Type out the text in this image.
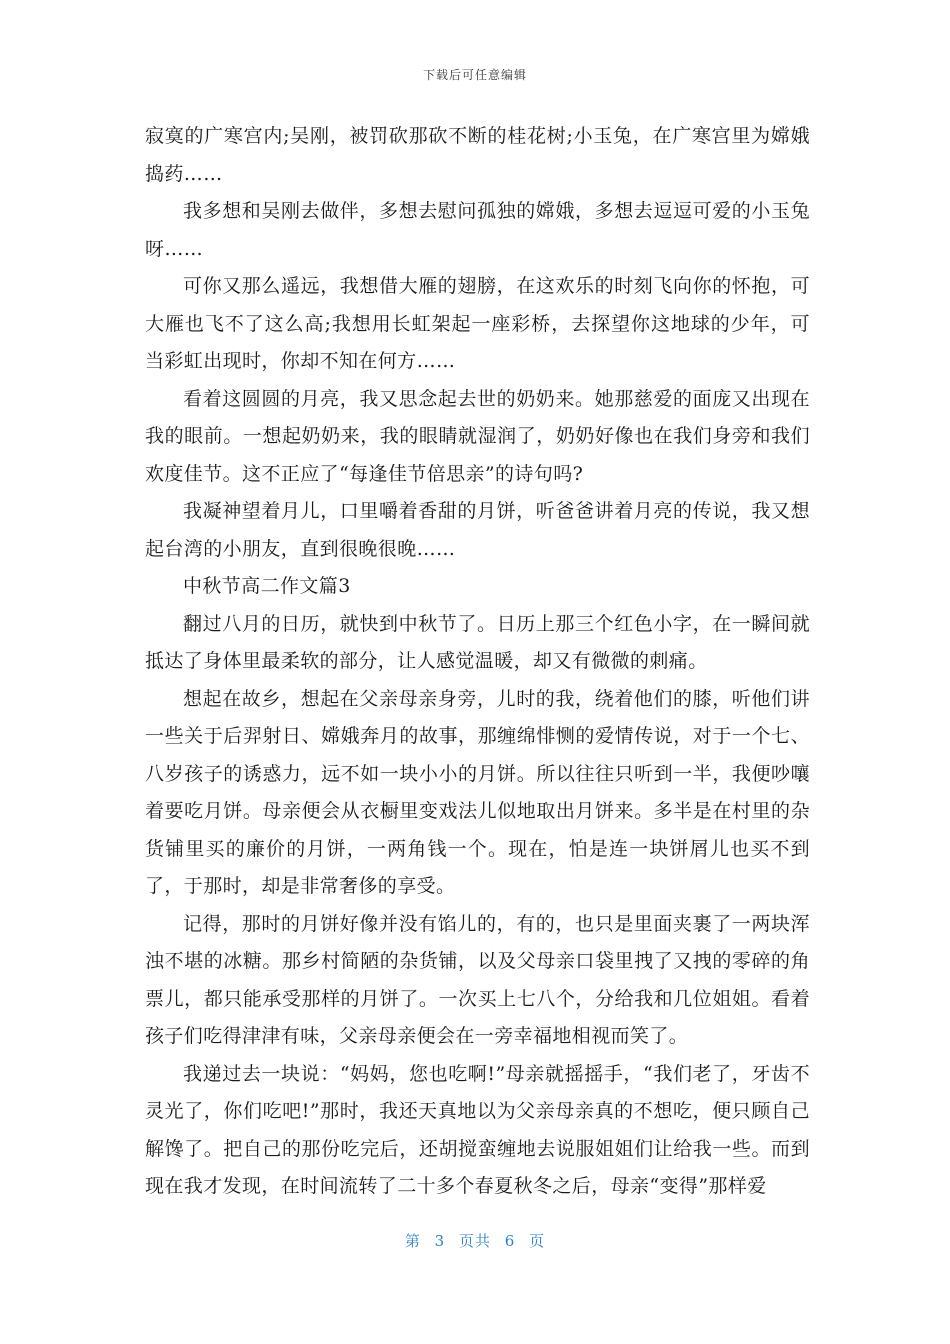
下载后可任意编辑

寂寞的广寒宫内;吴刚，被罚砍那砍不断的桂花树;小玉兔，在广寒宫里为嫦娥捣药……

我多想和吴刚去做伴，多想去慰问孤独的嫦娥，多想去逗逗可爱的小玉兔呀……

可你又那么遥远，我想借大雁的翅膀，在这欢乐的时刻飞向你的怀抱，可大雁也飞不了这么高;我想用长虹架起一座彩桥，去探望你这地球的少年，可当彩虹出现时，你却不知在何方……

看着这圆圆的月亮，我又思念起去世的奶奶来。她那慈爱的面庞又出现在我的眼前。一想起奶奶来，我的眼睛就湿润了，奶奶好像也在我们身旁和我们欢度佳节。这不正应了“每逢佳节倍思亲”的诗句吗?

我凝神望着月儿，口里嚼着香甜的月饼，听爸爸讲着月亮的传说，我又想起台湾的小朋友，直到很晚很晚……

中秋节高二作文篇3

翻过八月的日历，就快到中秋节了。日历上那三个红色小字，在一瞬间就抵达了身体里最柔软的部分，让人感觉温暖，却又有微微的刺痛。

想起在故乡，想起在父亲母亲身旁，儿时的我，绕着他们的膝，听他们讲一些关于后羿射日、嫦娥奔月的故事，那缠绵悱恻的爱情传说，对于一个七、八岁孩子的诱惑力，远不如一块小小的月饼。所以往往只听到一半，我便吵嚷着要吃月饼。母亲便会从衣橱里变戏法儿似地取出月饼来。多半是在村里的杂货铺里买的廉价的月饼，一两角钱一个。现在，怕是连一块饼屑儿也买不到了，于那时，却是非常奢侈的享受。

记得，那时的月饼好像并没有馅儿的，有的，也只是里面夹裹了一两块浑浊不堪的冰糖。那乡村简陋的杂货铺，以及父母亲口袋里拽了又拽的零碎的角票儿，都只能承受那样的月饼了。一次买上七八个，分给我和几位姐姐。看着孩子们吃得津津有味，父亲母亲便会在一旁幸福地相视而笑了。

我递过去一块说：“妈妈，您也吃啊!”母亲就摇摇手，“我们老了，牙齿不灵光了，你们吃吧!”那时，我还天真地以为父亲母亲真的不想吃，便只顾自己解馋了。把自己的那份吃完后，还胡搅蛮缠地去说服姐姐们让给我一些。而到现在我才发现，在时间流转了二十多个春夏秋冬之后，母亲“变得”那样爱

第 3 页共 6 页
